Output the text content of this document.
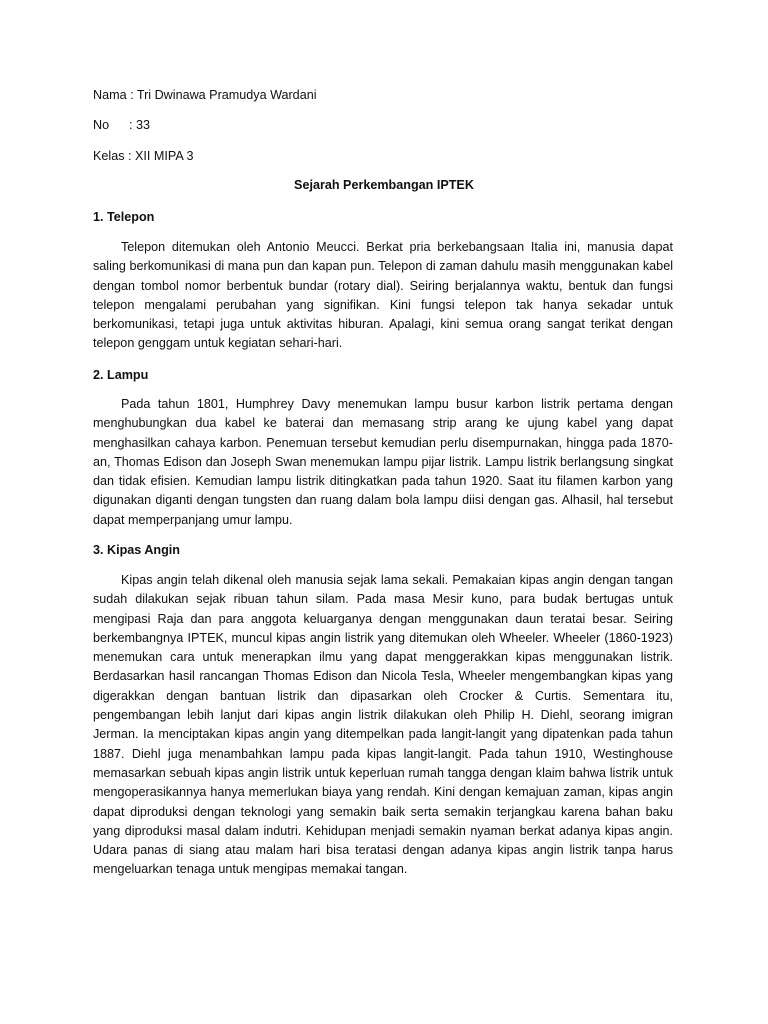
Nama : Tri Dwinawa Pramudya Wardani
No : 33
Kelas : XII MIPA 3
Sejarah Perkembangan IPTEK
1. Telepon

Telepon ditemukan oleh Antonio Meucci. Berkat pria berkebangsaan Italia ini, manusia dapat saling berkomunikasi di mana pun dan kapan pun. Telepon di zaman dahulu masih menggunakan kabel dengan tombol nomor berbentuk bundar (rotary dial). Seiring berjalannya waktu, bentuk dan fungsi telepon mengalami perubahan yang signifikan. Kini fungsi telepon tak hanya sekadar untuk berkomunikasi, tetapi juga untuk aktivitas hiburan. Apalagi, kini semua orang sangat terikat dengan telepon genggam untuk kegiatan sehari-hari.

2. Lampu

Pada tahun 1801, Humphrey Davy menemukan lampu busur karbon listrik pertama dengan menghubungkan dua kabel ke baterai dan memasang strip arang ke ujung kabel yang dapat menghasilkan cahaya karbon. Penemuan tersebut kemudian perlu disempurnakan, hingga pada 1870-an, Thomas Edison dan Joseph Swan menemukan lampu pijar listrik. Lampu listrik berlangsung singkat dan tidak efisien. Kemudian lampu listrik ditingkatkan pada tahun 1920. Saat itu filamen karbon yang digunakan diganti dengan tungsten dan ruang dalam bola lampu diisi dengan gas. Alhasil, hal tersebut dapat memperpanjang umur lampu.

3. Kipas Angin

Kipas angin telah dikenal oleh manusia sejak lama sekali. Pemakaian kipas angin dengan tangan sudah dilakukan sejak ribuan tahun silam. Pada masa Mesir kuno, para budak bertugas untuk mengipasi Raja dan para anggota keluarganya dengan menggunakan daun teratai besar. Seiring berkembangnya IPTEK, muncul kipas angin listrik yang ditemukan oleh Wheeler. Wheeler (1860-1923) menemukan cara untuk menerapkan ilmu yang dapat menggerakkan kipas menggunakan listrik. Berdasarkan hasil rancangan Thomas Edison dan Nicola Tesla, Wheeler mengembangkan kipas yang digerakkan dengan bantuan listrik dan dipasarkan oleh Crocker & Curtis. Sementara itu, pengembangan lebih lanjut dari kipas angin listrik dilakukan oleh Philip H. Diehl, seorang imigran Jerman. Ia menciptakan kipas angin yang ditempelkan pada langit-langit yang dipatenkan pada tahun 1887. Diehl juga menambahkan lampu pada kipas langit-langit. Pada tahun 1910, Westinghouse memasarkan sebuah kipas angin listrik untuk keperluan rumah tangga dengan klaim bahwa listrik untuk mengoperasikannya hanya memerlukan biaya yang rendah. Kini dengan kemajuan zaman, kipas angin dapat diproduksi dengan teknologi yang semakin baik serta semakin terjangkau karena bahan baku yang diproduksi masal dalam indutri. Kehidupan menjadi semakin nyaman berkat adanya kipas angin. Udara panas di siang atau malam hari bisa teratasi dengan adanya kipas angin listrik tanpa harus mengeluarkan tenaga untuk mengipas memakai tangan.
